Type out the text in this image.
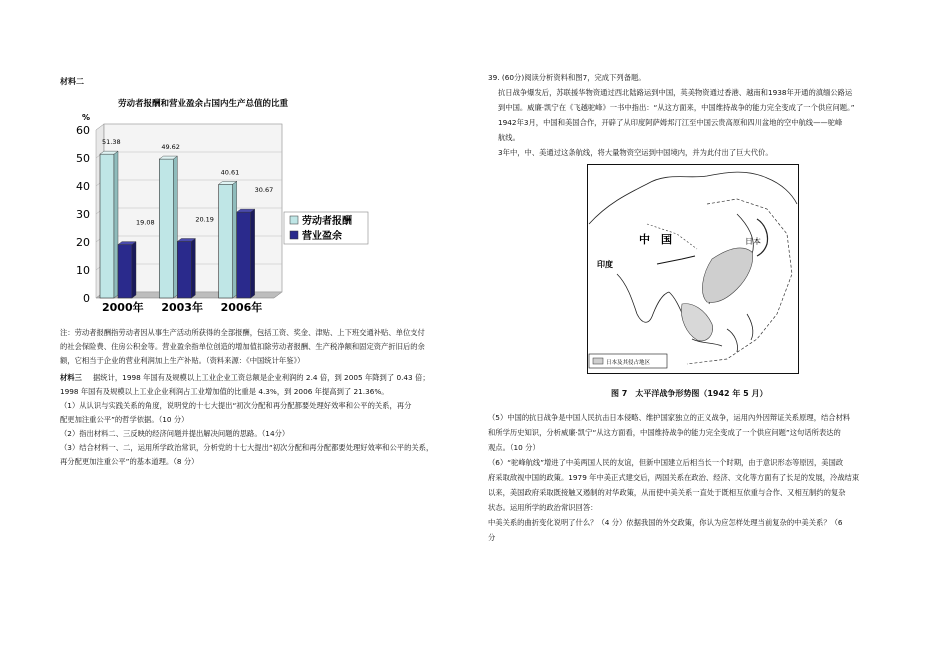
材料二
劳动者报酬和营业盈余占国内生产总值的比重
%
0
10
20
30
40
50
60
51.38
19.08
2000年
49.62
20.19
2003年
40.61
30.67
2006年
劳动者报酬
营业盈余
注：劳动者报酬指劳动者因从事生产活动所获得的全部报酬，包括工资、奖金、津贴、上下班交通补贴、单位支付
的社会保险费、住房公积金等。营业盈余指单位创造的增加值扣除劳动者报酬、生产税净额和固定资产折旧后的余
额，它相当于企业的营业利润加上生产补贴。（资料来源：《中国统计年鉴》）
材料三 据统计，1998 年国有及规模以上工业企业工资总额是企业利润的 2.4 倍，到 2005 年降到了 0.43 倍；
1998 年国有及规模以上工业企业利润占工业增加值的比重是 4.3%，到 2006 年提高到了 21.36%。
（1）从认识与实践关系的角度，说明党的十七大提出“初次分配和再分配都要处理好效率和公平的关系，再分
配更加注重公平”的哲学依据。（10 分）
（2）指出材料二、三反映的经济问题并提出解决问题的思路。（14分）
（3）结合材料一、二，运用所学政治常识，分析党的十七大提出“初次分配和再分配都要处理好效率和公平的关系，
再分配更加注重公平”的基本道理。（8 分）
39. (60分)阅读分析资料和图7，完成下列备题。
抗日战争爆发后，苏联援华物资通过西北陆路运到中国，英美物资通过香港、越南和1938年开通的滇缅公路运
到中国。威廉·凯宁在《飞越驼峰》一书中指出：“从这方面来，中国维持战争的能力完全变成了一个供应问题。”
1942年3月，中国和美国合作，开辟了从印度阿萨姆邦汀江至中国云贵高原和四川盆地的空中航线——驼峰
航线。
3年中，中、美通过这条航线，将大量物资空运到中国境内，并为此付出了巨大代价。
中　国	日本
印度
日本及其侵占地区
图 7　太平洋战争形势图（1942 年 5 月）
（5）中国的抗日战争是中国人民抗击日本侵略、维护国家独立的正义战争，运用內外因辩证关系原理，结合材料
和所学历史知识，分析威廉·凯宁“从这方面看，中国维持战争的能力完全变成了一个供应问题”这句话所表达的
观点。（10 分）
（6）“驼峰航线”增进了中美两国人民的友谊，但新中国建立后相当长一个时期，由于意识形态等原因，美国政
府采取敌视中国的政策。1979 年中美正式建交后，两国关系在政治、经济、文化等方面有了长足的发展，冷战结束
以来，美国政府采取既接触又遏制的对华政策，从而使中美关系一直处于既相互依重与合作、又相互制约的复杂
状态。运用所学的政治常识回答：
中美关系的曲折变化说明了什么？（4 分）依据我国的外交政策，你认为应怎样处理当前复杂的中美关系？（6
分
